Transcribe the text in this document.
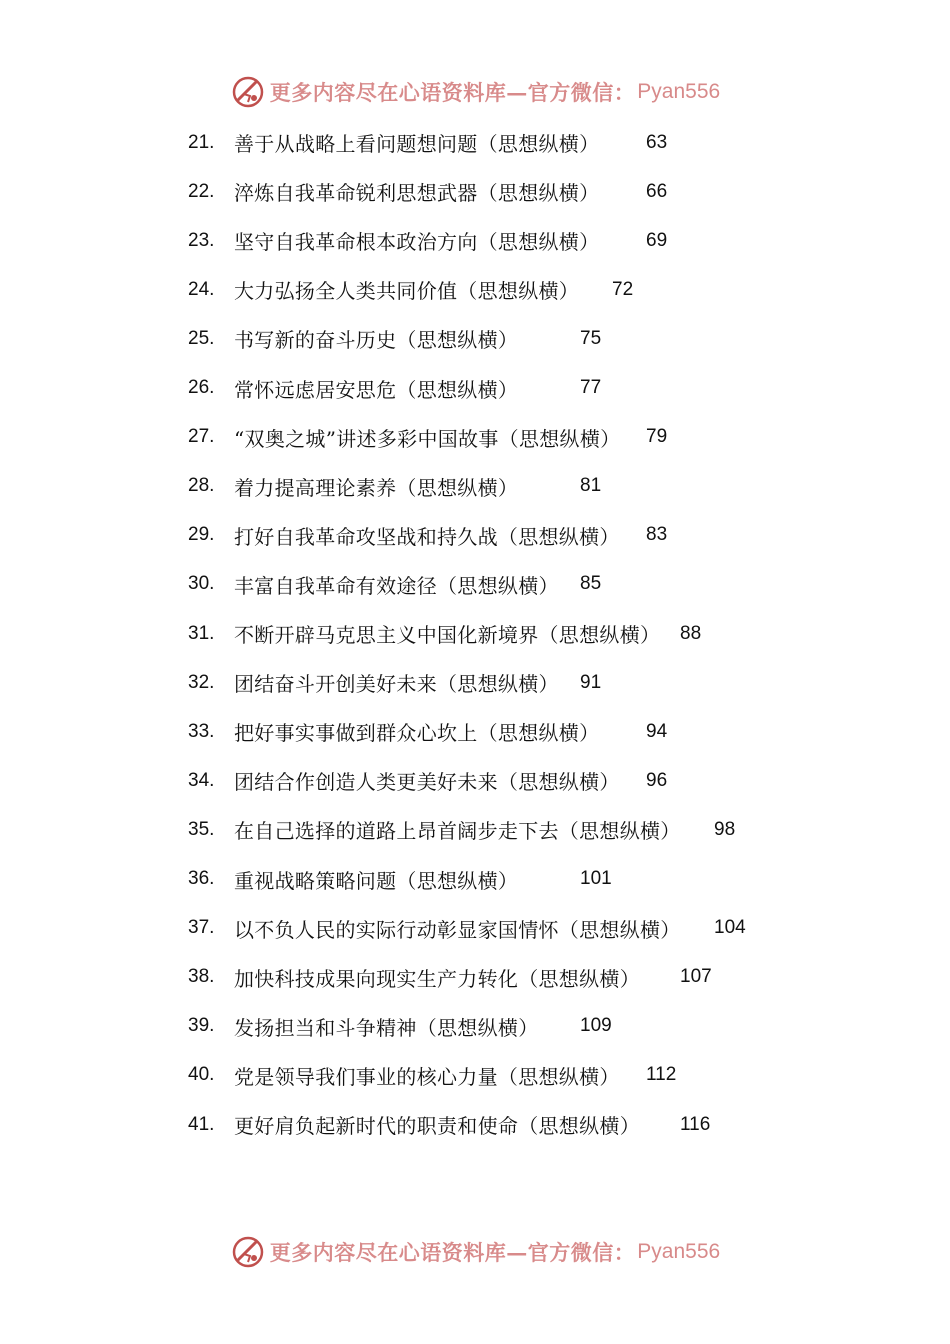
更多内容尽在心语资料库—官方微信： Pyan556
21. 善于从战略上看问题想问题（思想纵横） 63
22. 淬炼自我革命锐利思想武器（思想纵横） 66
23. 坚守自我革命根本政治方向（思想纵横） 69
24. 大力弘扬全人类共同价值（思想纵横） 72
25. 书写新的奋斗历史（思想纵横）	75
26. 常怀远虑居安思危（思想纵横）	77
27. “双奥之城”讲述多彩中国故事（思想纵横） 79
28. 着力提高理论素养（思想纵横）	81
29. 打好自我革命攻坚战和持久战（思想纵横） 83
30. 丰富自我革命有效途径（思想纵横） 85
31. 不断开辟马克思主义中国化新境界（思想纵横） 88
32. 团结奋斗开创美好未来（思想纵横） 91
33. 把好事实事做到群众心坎上（思想纵横） 94
34. 团结合作创造人类更美好未来（思想纵横） 96
35. 在自己选择的道路上昂首阔步走下去（思想纵横） 98
36. 重视战略策略问题（思想纵横）	101
37. 以不负人民的实际行动彰显家国情怀（思想纵横） 104
38. 加快科技成果向现实生产力转化（思想纵横） 107
39. 发扬担当和斗争精神（思想纵横） 109
40. 党是领导我们事业的核心力量（思想纵横） 112
41. 更好肩负起新时代的职责和使命（思想纵横） 116
更多内容尽在心语资料库—官方微信： Pyan556
